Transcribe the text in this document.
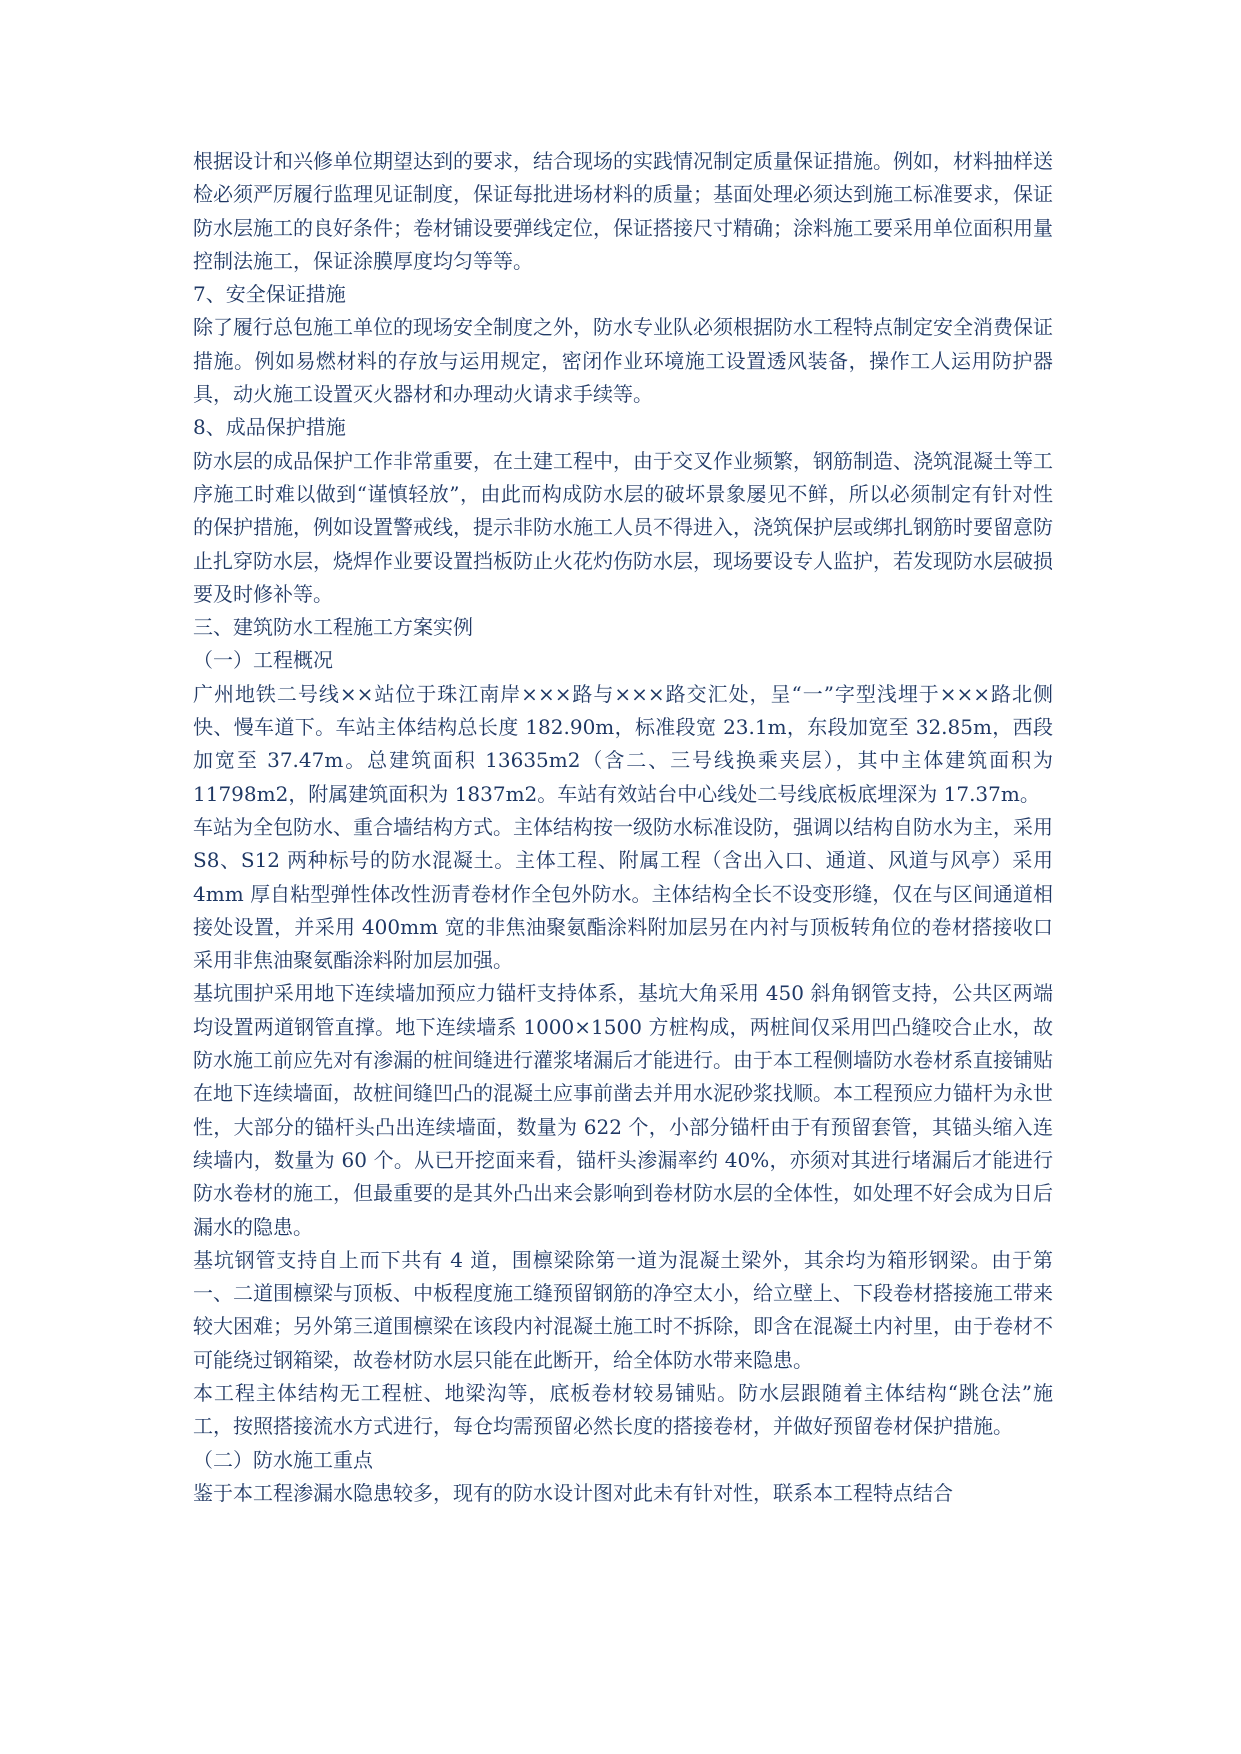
根据设计和兴修单位期望达到的要求，结合现场的实践情况制定质量保证措施。例如，材料抽样送检必须严厉履行监理见证制度，保证每批进场材料的质量；基面处理必须达到施工标准要求，保证防水层施工的良好条件；卷材铺设要弹线定位，保证搭接尺寸精确；涂料施工要采用单位面积用量控制法施工，保证涂膜厚度均匀等等。

7、安全保证措施

除了履行总包施工单位的现场安全制度之外，防水专业队必须根据防水工程特点制定安全消费保证措施。例如易燃材料的存放与运用规定，密闭作业环境施工设置透风装备，操作工人运用防护器具，动火施工设置灭火器材和办理动火请求手续等。

8、成品保护措施

防水层的成品保护工作非常重要，在土建工程中，由于交叉作业频繁，钢筋制造、浇筑混凝土等工序施工时难以做到“谨慎轻放”，由此而构成防水层的破坏景象屡见不鲜，所以必须制定有针对性的保护措施，例如设置警戒线，提示非防水施工人员不得进入，浇筑保护层或绑扎钢筋时要留意防止扎穿防水层，烧焊作业要设置挡板防止火花灼伤防水层，现场要设专人监护，若发现防水层破损要及时修补等。

三、建筑防水工程施工方案实例

（一）工程概况

广州地铁二号线××站位于珠江南岸×××路与×××路交汇处，呈“一”字型浅埋于×××路北侧快、慢车道下。车站主体结构总长度 182.90m，标准段宽 23.1m，东段加宽至 32.85m，西段加宽至 37.47m。总建筑面积 13635m2（含二、三号线换乘夹层），其中主体建筑面积为 11798m2，附属建筑面积为 1837m2。车站有效站台中心线处二号线底板底埋深为 17.37m。

车站为全包防水、重合墙结构方式。主体结构按一级防水标准设防，强调以结构自防水为主，采用 S8、S12 两种标号的防水混凝土。主体工程、附属工程（含出入口、通道、风道与风亭）采用 4mm 厚自粘型弹性体改性沥青卷材作全包外防水。主体结构全长不设变形缝，仅在与区间通道相接处设置，并采用 400mm 宽的非焦油聚氨酯涂料附加层另在内衬与顶板转角位的卷材搭接收口采用非焦油聚氨酯涂料附加层加强。

基坑围护采用地下连续墙加预应力锚杆支持体系，基坑大角采用 450 斜角钢管支持，公共区两端均设置两道钢管直撑。地下连续墙系 1000×1500 方桩构成，两桩间仅采用凹凸缝咬合止水，故防水施工前应先对有渗漏的桩间缝进行灌浆堵漏后才能进行。由于本工程侧墙防水卷材系直接铺贴在地下连续墙面，故桩间缝凹凸的混凝土应事前凿去并用水泥砂浆找顺。本工程预应力锚杆为永世性，大部分的锚杆头凸出连续墙面，数量为 622 个，小部分锚杆由于有预留套管，其锚头缩入连续墙内，数量为 60 个。从已开挖面来看，锚杆头渗漏率约 40%，亦须对其进行堵漏后才能进行防水卷材的施工，但最重要的是其外凸出来会影响到卷材防水层的全体性，如处理不好会成为日后漏水的隐患。

基坑钢管支持自上而下共有 4 道，围檩梁除第一道为混凝土梁外，其余均为箱形钢梁。由于第一、二道围檩梁与顶板、中板程度施工缝预留钢筋的净空太小，给立壁上、下段卷材搭接施工带来较大困难；另外第三道围檩梁在该段内衬混凝土施工时不拆除，即含在混凝土内衬里，由于卷材不可能绕过钢箱梁，故卷材防水层只能在此断开，给全体防水带来隐患。

本工程主体结构无工程桩、地梁沟等，底板卷材较易铺贴。防水层跟随着主体结构“跳仓法”施工，按照搭接流水方式进行，每仓均需预留必然长度的搭接卷材，并做好预留卷材保护措施。

（二）防水施工重点

鉴于本工程渗漏水隐患较多，现有的防水设计图对此未有针对性，联系本工程特点结合
